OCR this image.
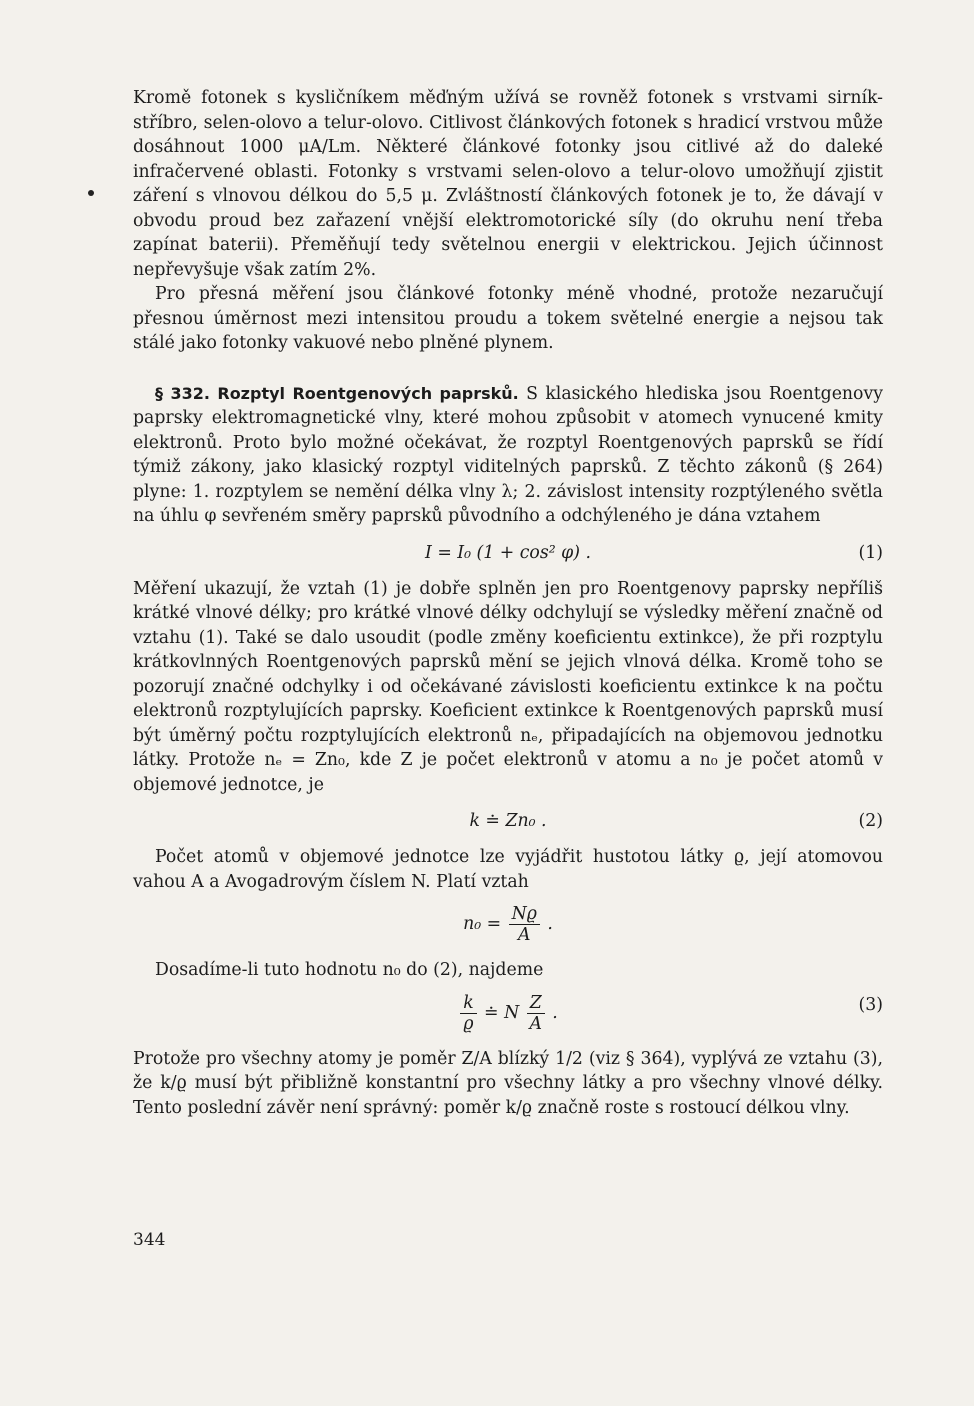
Kromě fotonek s kysličníkem měďným užívá se rovněž fotonek s vrstvami sirník-stříbro, selen-olovo a telur-olovo. Citlivost článkových fotonek s hradicí vrstvou může dosáhnout 1000 μA/Lm. Některé článkové fotonky jsou citlivé až do daleké infračervené oblasti. Fotonky s vrstvami selen-olovo a telur-olovo umožňují zjistit záření s vlnovou délkou do 5,5 μ. Zvláštností článkových fotonek je to, že dávají v obvodu proud bez zařazení vnější elektromotorické síly (do okruhu není třeba zapínat baterii). Přeměňují tedy světelnou energii v elektrickou. Jejich účinnost nepřevyšuje však zatím 2%.

Pro přesná měření jsou článkové fotonky méně vhodné, protože nezaručují přesnou úměrnost mezi intensitou proudu a tokem světelné energie a nejsou tak stálé jako fotonky vakuové nebo plněné plynem.

§ 332. Rozptyl Roentgenových paprsků. S klasického hlediska jsou Roentgenovy paprsky elektromagnetické vlny, které mohou způsobit v atomech vynucené kmity elektronů. Proto bylo možné očekávat, že rozptyl Roentgenových paprsků se řídí týmiž zákony, jako klasický rozptyl viditelných paprsků. Z těchto zákonů (§ 264) plyne: 1. rozptylem se nemění délka vlny λ; 2. závislost intensity rozptýleného světla na úhlu φ sevřeném směry paprsků původního a odchýleného je dána vztahem

I = I₀ (1 + cos² φ) .	(1)

Měření ukazují, že vztah (1) je dobře splněn jen pro Roentgenovy paprsky nepříliš krátké vlnové délky; pro krátké vlnové délky odchylují se výsledky měření značně od vztahu (1). Také se dalo usoudit (podle změny koeficientu extinkce), že při rozptylu krátkovlnných Roentgenových paprsků mění se jejich vlnová délka. Kromě toho se pozorují značné odchylky i od očekávané závislosti koeficientu extinkce k na počtu elektronů rozptylujících paprsky. Koeficient extinkce k Roentgenových paprsků musí být úměrný počtu rozptylujících elektronů nₑ, připadajících na objemovou jednotku látky. Protože nₑ = Zn₀, kde Z je počet elektronů v atomu a n₀ je počet atomů v objemové jednotce, je

k ≐ Zn₀ .	(2)

Počet atomů v objemové jednotce lze vyjádřit hustotou látky ϱ, její atomovou vahou A a Avogadrovým číslem N. Platí vztah

$n_0 = \frac{Nϱ}{A}$ .

Dosadíme-li tuto hodnotu n₀ do (2), najdeme

$\frac{k}{ϱ}$ ≐ N $\frac{Z}{A}$ .	(3)

Protože pro všechny atomy je poměr Z/A blízký 1/2 (viz § 364), vyplývá ze vztahu (3), že k/ϱ musí být přibližně konstantní pro všechny látky a pro všechny vlnové délky. Tento poslední závěr není správný: poměr k/ϱ značně roste s rostoucí délkou vlny.

344
